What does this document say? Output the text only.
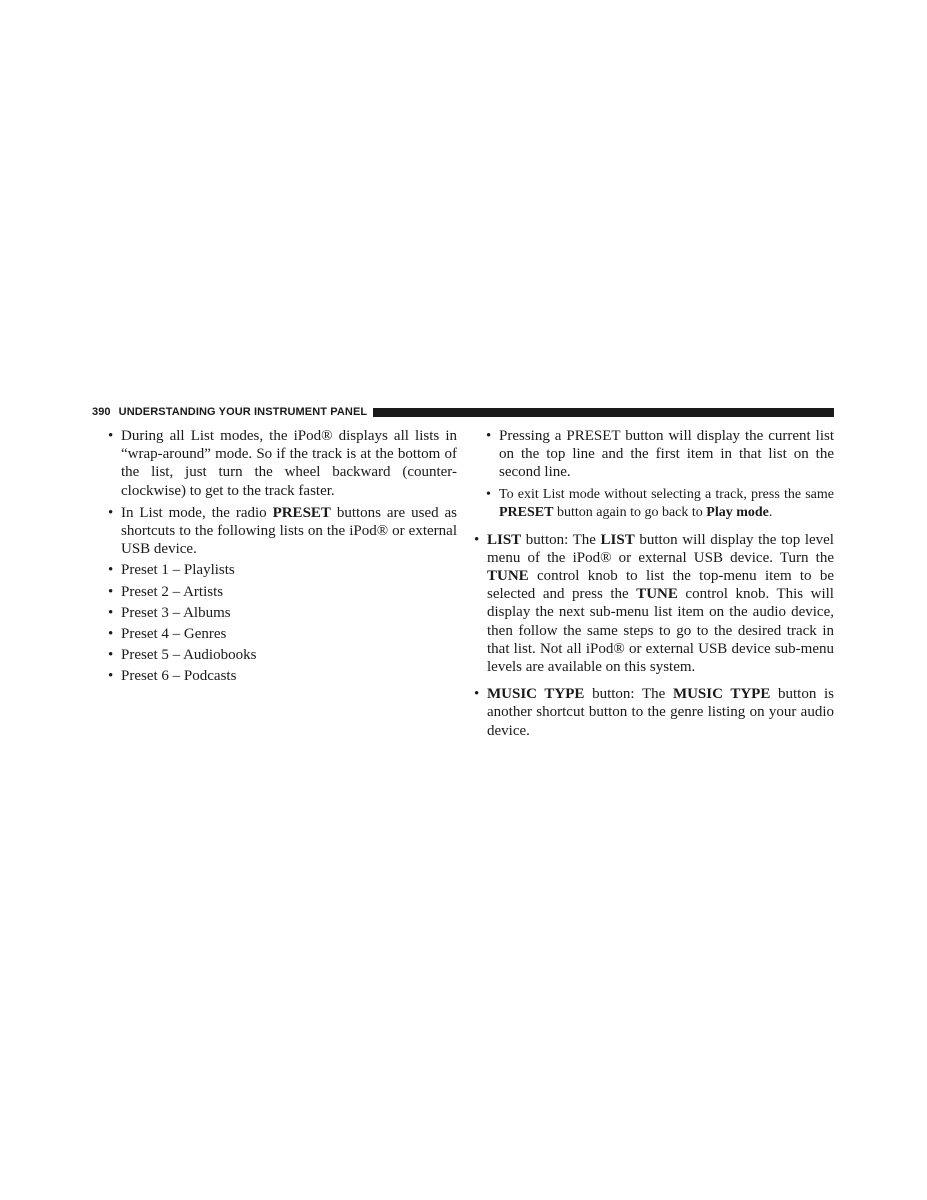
390 UNDERSTANDING YOUR INSTRUMENT PANEL
• During all List modes, the iPod® displays all lists in “wrap-around” mode. So if the track is at the bottom of the list, just turn the wheel backward (counter-clockwise) to get to the track faster.
• In List mode, the radio PRESET buttons are used as shortcuts to the following lists on the iPod® or external USB device.
• Preset 1 – Playlists
• Preset 2 – Artists
• Preset 3 – Albums
• Preset 4 – Genres
• Preset 5 – Audiobooks
• Preset 6 – Podcasts
• Pressing a PRESET button will display the current list on the top line and the first item in that list on the second line.
• To exit List mode without selecting a track, press the same PRESET button again to go back to Play mode.
• LIST button: The LIST button will display the top level menu of the iPod® or external USB device. Turn the TUNE control knob to list the top-menu item to be selected and press the TUNE control knob. This will display the next sub-menu list item on the audio device, then follow the same steps to go to the desired track in that list. Not all iPod® or external USB device sub-menu levels are available on this system.
• MUSIC TYPE button: The MUSIC TYPE button is another shortcut button to the genre listing on your audio device.
